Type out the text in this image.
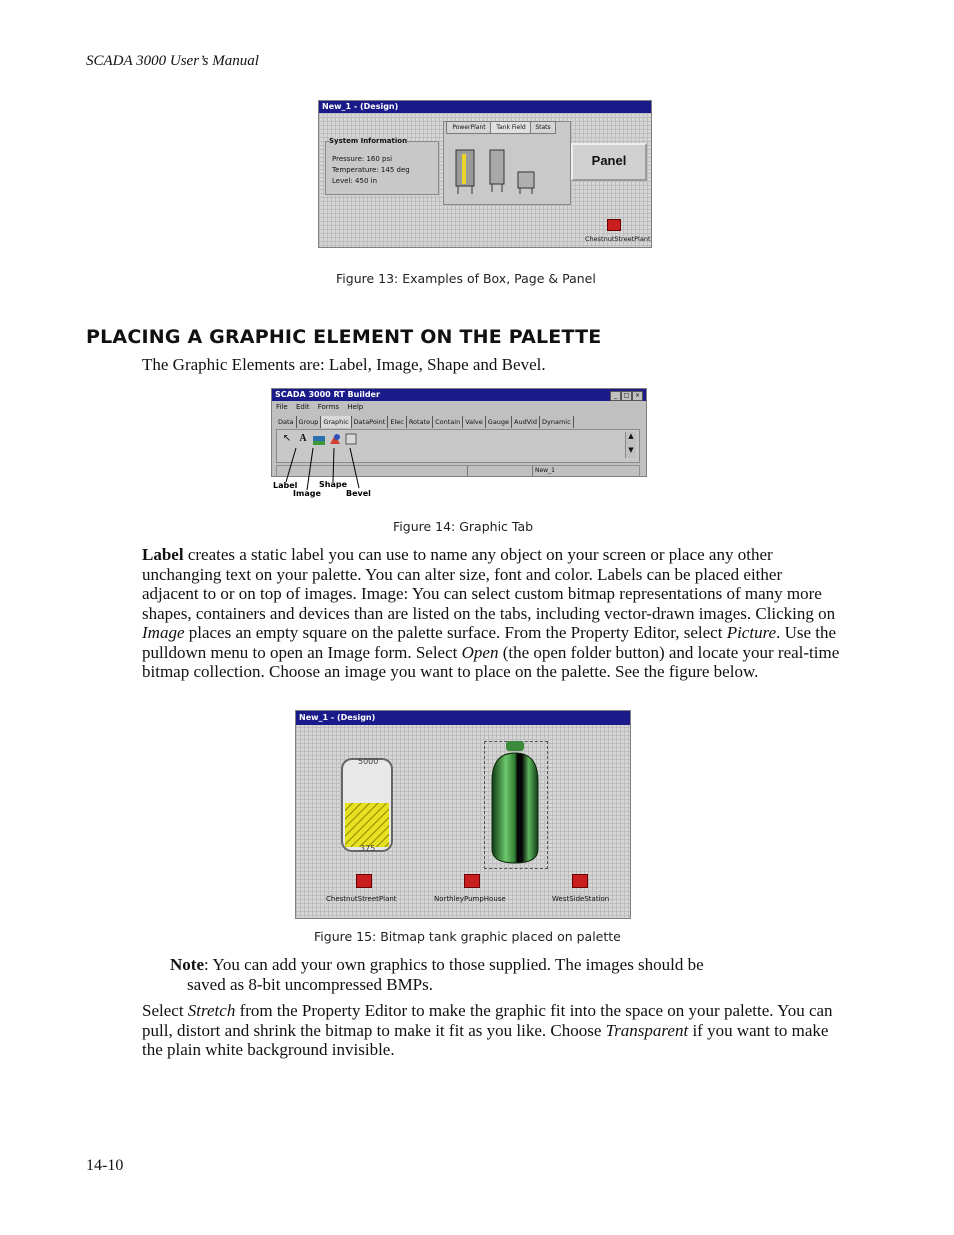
SCADA 3000 User’s Manual
New_1 - (Design)
System Information
Pressure: 160 psi
Temperature: 145 deg
Level: 450 in
PowerPlant	Tank Field	Stats
Panel
ChestnutStreetPlant
Figure 13: Examples of Box, Page & Panel
PLACING A GRAPHIC ELEMENT ON THE PALETTE
The Graphic Elements are: Label, Image, Shape and Bevel.
SCADA 3000 RT Builder	_	□ ×
File Edit Forms Help
Data Group Graphic DataPoint Elec Rotate Contain Valve Gauge AudVid Dynamic
↖ A	▲
▼
New_1
Label
Image
Shape
Bevel
Figure 14: Graphic Tab
Label creates a static label you can use to name any object on your screen or place any other unchanging text on your palette. You can alter size, font and color. Labels can be placed either adjacent to or on top of images. Image: You can select custom bitmap representations of many more shapes, containers and devices than are listed on the tabs, including vector-drawn images. Clicking on Image places an empty square on the palette surface. From the Property Editor, select Picture. Use the pulldown menu to open an Image form. Select Open (the open folder button) and locate your real-time bitmap collection. Choose an image you want to place on the palette. See the figure below.
New_1 - (Design)
5000
375
ChestnutStreetPlant	NorthleyPumpHouse	WestSideStation
Figure 15: Bitmap tank graphic placed on palette
Note: You can add your own graphics to those supplied. The images should be
saved as 8-bit uncompressed BMPs.
Select Stretch from the Property Editor to make the graphic fit into the space on your palette. You can pull, distort and shrink the bitmap to make it fit as you like. Choose Transparent if you want to make the plain white background invisible.
14-10
